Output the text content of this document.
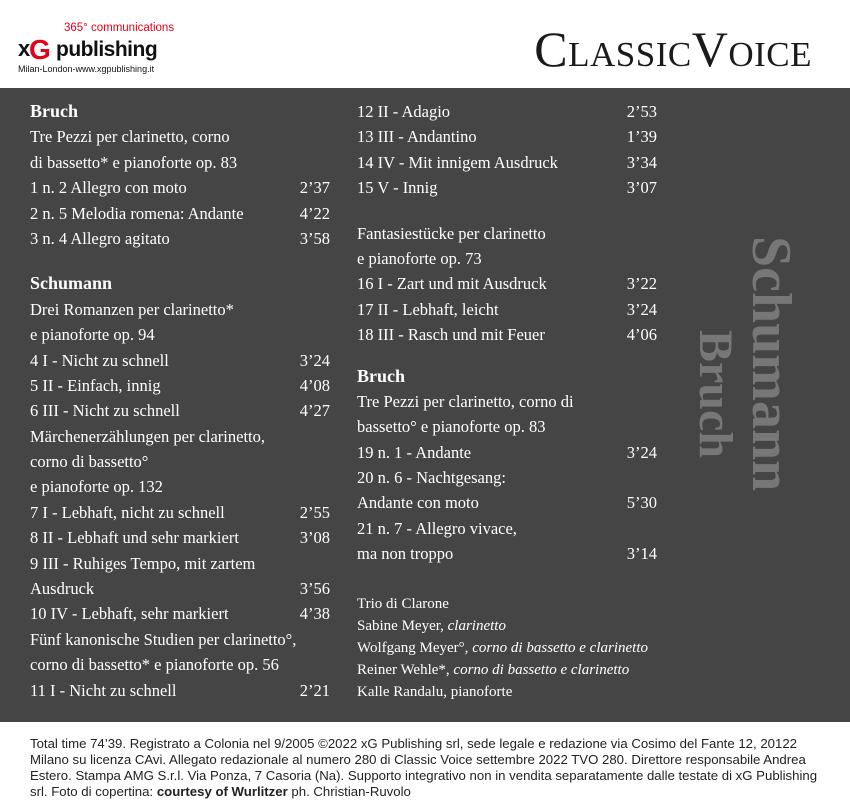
365° communications
x G publishing
Milan-London-www.xgpublishing.it	ClassicVoice
Bruch
Tre Pezzi per clarinetto, corno
di bassetto* e pianoforte op. 83
1 n. 2 Allegro con moto	2’37
2 n. 5 Melodia romena: Andante	4’22
3 n. 4 Allegro agitato	3’58
Schumann
Drei Romanzen per clarinetto*
e pianoforte op. 94
4 I - Nicht zu schnell	3’24
5 II - Einfach, innig	4’08
6 III - Nicht zu schnell	4’27
Märchenerzählungen per clarinetto,
corno di bassetto°
e pianoforte op. 132
7 I - Lebhaft, nicht zu schnell	2’55
8 II - Lebhaft und sehr markiert	3’08
9 III - Ruhiges Tempo, mit zartem
Ausdruck	3’56
10 IV - Lebhaft, sehr markiert	4’38
Fünf kanonische Studien per clarinetto°,
corno di bassetto* e pianoforte op. 56
11 I - Nicht zu schnell	2’21
12 II - Adagio	2’53
13 III - Andantino	1’39
14 IV - Mit innigem Ausdruck	3’34
15 V - Innig	3’07
Fantasiestücke per clarinetto
e pianoforte op. 73
16 I - Zart und mit Ausdruck	3’22
17 II - Lebhaft, leicht	3’24
18 III - Rasch und mit Feuer	4’06
Bruch
Tre Pezzi per clarinetto, corno di
bassetto° e pianoforte op. 83
19 n. 1 - Andante	3’24
20 n. 6 - Nachtgesang:
Andante con moto	5’30
21 n. 7 - Allegro vivace,
ma non troppo	3’14
Trio di Clarone
Sabine Meyer, clarinetto
Wolfgang Meyer°, corno di bassetto e clarinetto
Reiner Wehle*, corno di bassetto e clarinetto
Kalle Randalu, pianoforte
Schumann
Bruch

Total time 74’39. Registrato a Colonia nel 9/2005 ©2022 xG Publishing srl, sede legale e redazione via Cosimo del Fante 12, 20122 Milano su licenza CAvi. Allegato redazionale al numero 280 di Classic Voice settembre 2022 TVO 280. Direttore responsabile Andrea Estero. Stampa AMG S.r.l. Via Ponza, 7 Casoria (Na). Supporto integrativo non in vendita separatamente dalle testate di xG Publishing srl. Foto di copertina: courtesy of Wurlitzer ph. Christian-Ruvolo
